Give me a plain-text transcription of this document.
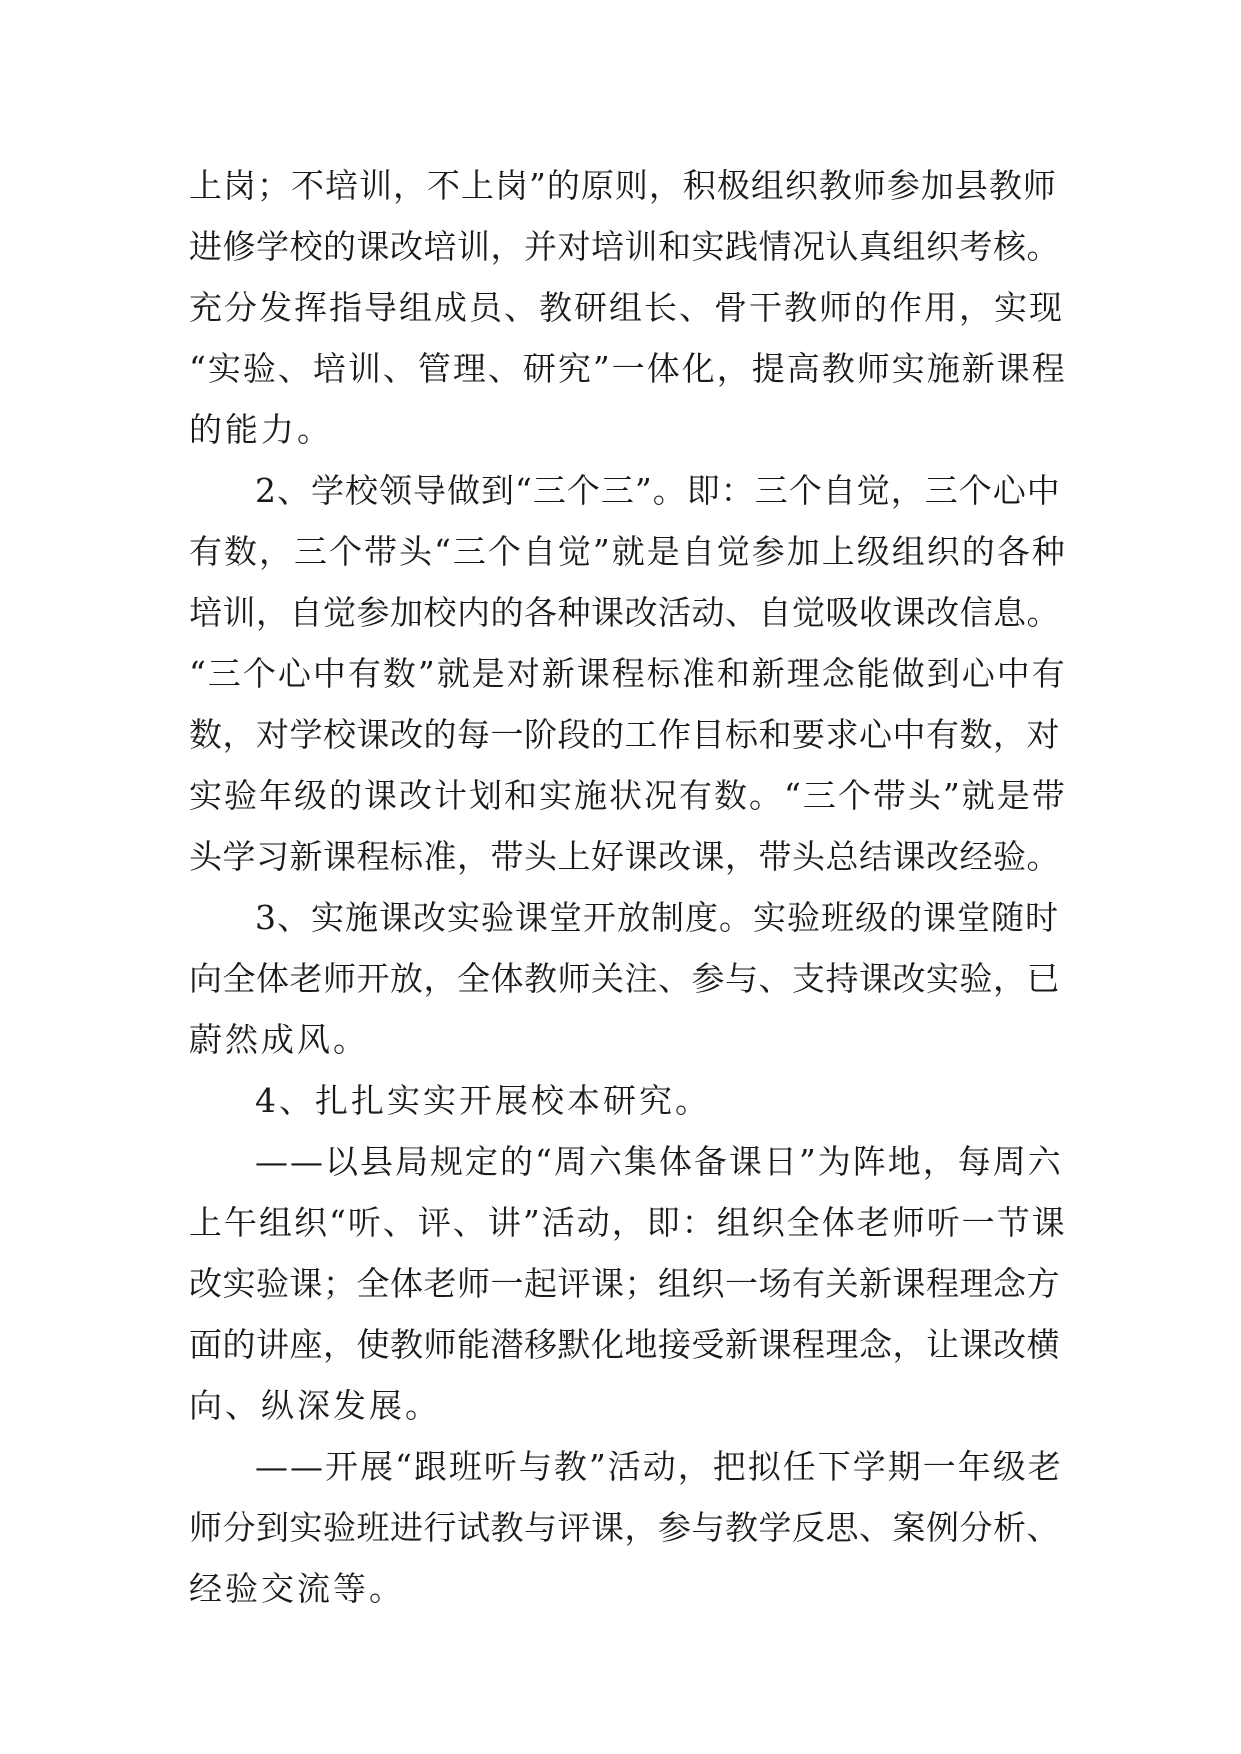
上岗；不培训，不上岗”的原则，积极组织教师参加县教师
进修学校的课改培训，并对培训和实践情况认真组织考核。
充分发挥指导组成员、教研组长、骨干教师的作用，实现
“实验、培训、管理、研究”一体化，提高教师实施新课程
的能力。
2、学校领导做到“三个三”。即：三个自觉，三个心中
有数，三个带头“三个自觉”就是自觉参加上级组织的各种
培训，自觉参加校内的各种课改活动、自觉吸收课改信息。
“三个心中有数”就是对新课程标准和新理念能做到心中有
数，对学校课改的每一阶段的工作目标和要求心中有数，对
实验年级的课改计划和实施状况有数。“三个带头”就是带
头学习新课程标准，带头上好课改课，带头总结课改经验。
3、实施课改实验课堂开放制度。实验班级的课堂随时
向全体老师开放，全体教师关注、参与、支持课改实验，已
蔚然成风。
4、扎扎实实开展校本研究。
——以县局规定的“周六集体备课日”为阵地，每周六
上午组织“听、评、讲”活动，即：组织全体老师听一节课
改实验课；全体老师一起评课；组织一场有关新课程理念方
面的讲座，使教师能潜移默化地接受新课程理念，让课改横
向、纵深发展。
——开展“跟班听与教”活动，把拟任下学期一年级老
师分到实验班进行试教与评课，参与教学反思、案例分析、
经验交流等。
